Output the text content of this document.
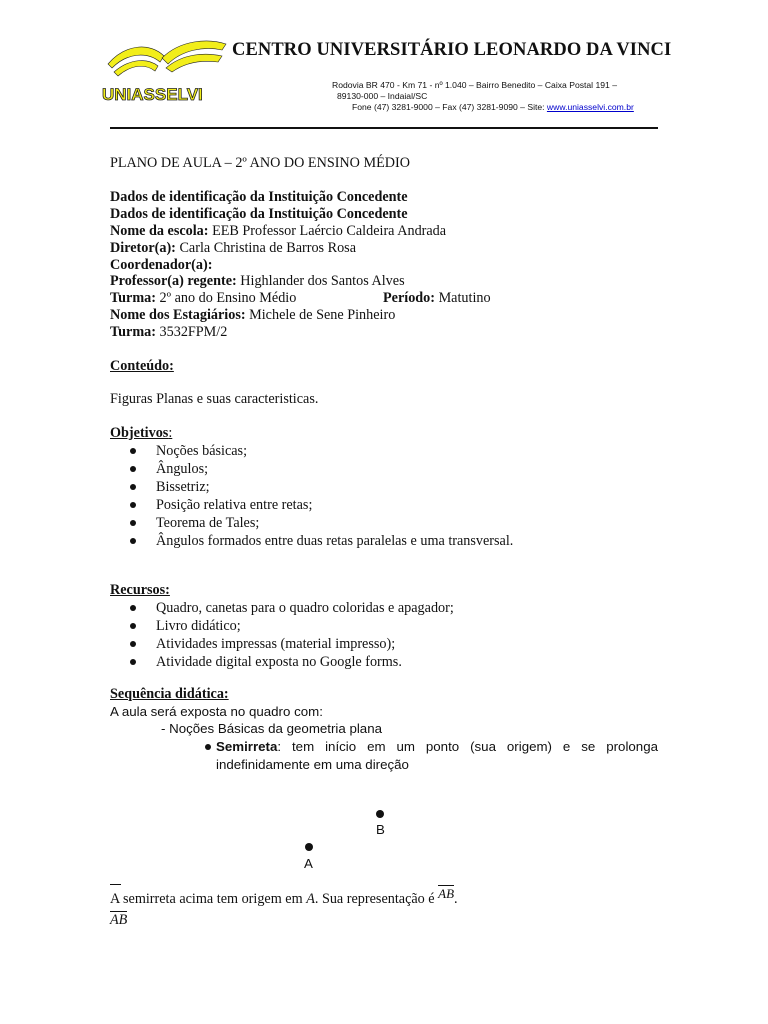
UNIASSELVI
CENTRO UNIVERSITÁRIO LEONARDO DA VINCI
Rodovia BR 470 - Km 71 - nº 1.040 – Bairro Benedito – Caixa Postal 191 –
89130-000 – Indaial/SC
Fone (47) 3281-9000 – Fax (47) 3281-9090 – Site: www.uniasselvi.com.br
PLANO DE AULA – 2º ANO DO ENSINO MÉDIO
Dados de identificação da Instituição Concedente
Dados de identificação da Instituição Concedente
Nome da escola: EEB Professor Laércio Caldeira Andrada
Diretor(a): Carla Christina de Barros Rosa
Coordenador(a):
Professor(a) regente: Highlander dos Santos Alves
Turma: 2º ano do Ensino Médio	Período: Matutino
Nome dos Estagiários: Michele de Sene Pinheiro
Turma: 3532FPM/2
Conteúdo:
Figuras Planas e suas caracteristicas.
Objetivos:
Noções básicas;
Ângulos;
Bissetriz;
Posição relativa entre retas;
Teorema de Tales;
Ângulos formados entre duas retas paralelas e uma transversal.
Recursos:
Quadro, canetas para o quadro coloridas e apagador;
Livro didático;
Atividades impressas (material impresso);
Atividade digital exposta no Google forms.
Sequência didática:
A aula será exposta no quadro com:
- Noções Básicas da geometria plana
Semirreta: tem início em um ponto (sua origem) e se prolonga indefinidamente em uma direção
B
A
A semirreta acima tem origem em A. Sua representação é AB.
AB
